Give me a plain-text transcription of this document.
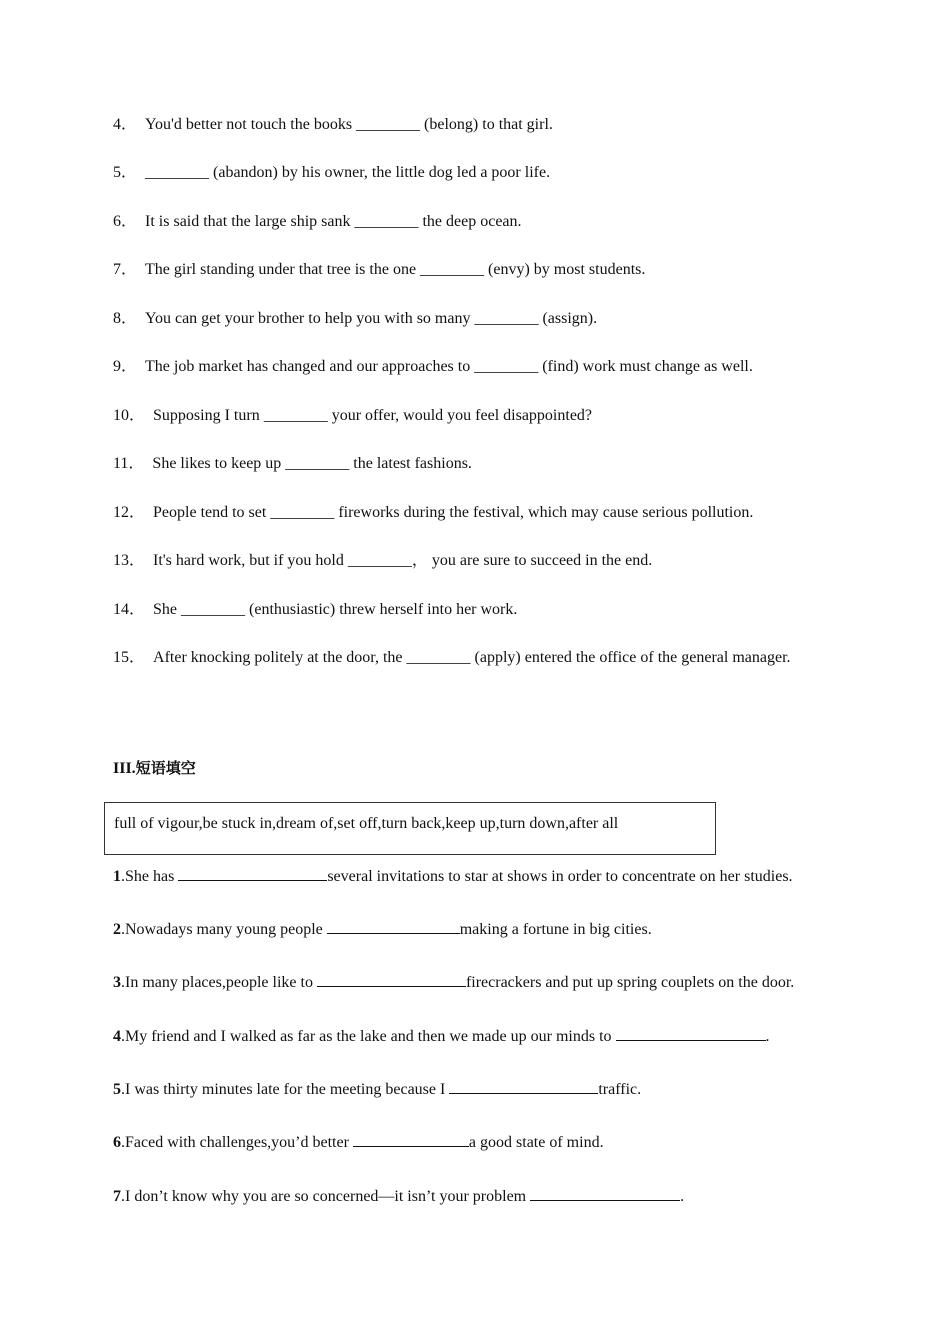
4． You'd better not touch the books ________ (belong) to that girl.
5． ________ (abandon) by his owner, the little dog led a poor life.
6． It is said that the large ship sank ________ the deep ocean.
7． The girl standing under that tree is the one ________ (envy) by most students.
8． You can get your brother to help you with so many ________ (assign).
9． The job market has changed and our approaches to ________ (find) work must change as well.
10． Supposing I turn ________ your offer, would you feel disappointed?
11． She likes to keep up ________ the latest fashions.
12． People tend to set ________ fireworks during the festival, which may cause serious pollution.
13． It's hard work, but if you hold ________， you are sure to succeed in the end.
14． She ________ (enthusiastic) threw herself into her work.
15． After knocking politely at the door, the ________ (apply) entered the office of the general manager.
III.短语填空
full of vigour,be stuck in,dream of,set off,turn back,keep up,turn down,after all
1.She has	several invitations to star at shows in order to concentrate on her studies.
2.Nowadays many young people	making a fortune in big cities.
3.In many places,people like to	firecrackers and put up spring couplets on the door.
4.My friend and I walked as far as the lake and then we made up our minds to	.
5.I was thirty minutes late for the meeting because I	traffic.
6.Faced with challenges,you’d better	a good state of mind.
7.I don’t know why you are so concerned—it isn’t your problem	.
